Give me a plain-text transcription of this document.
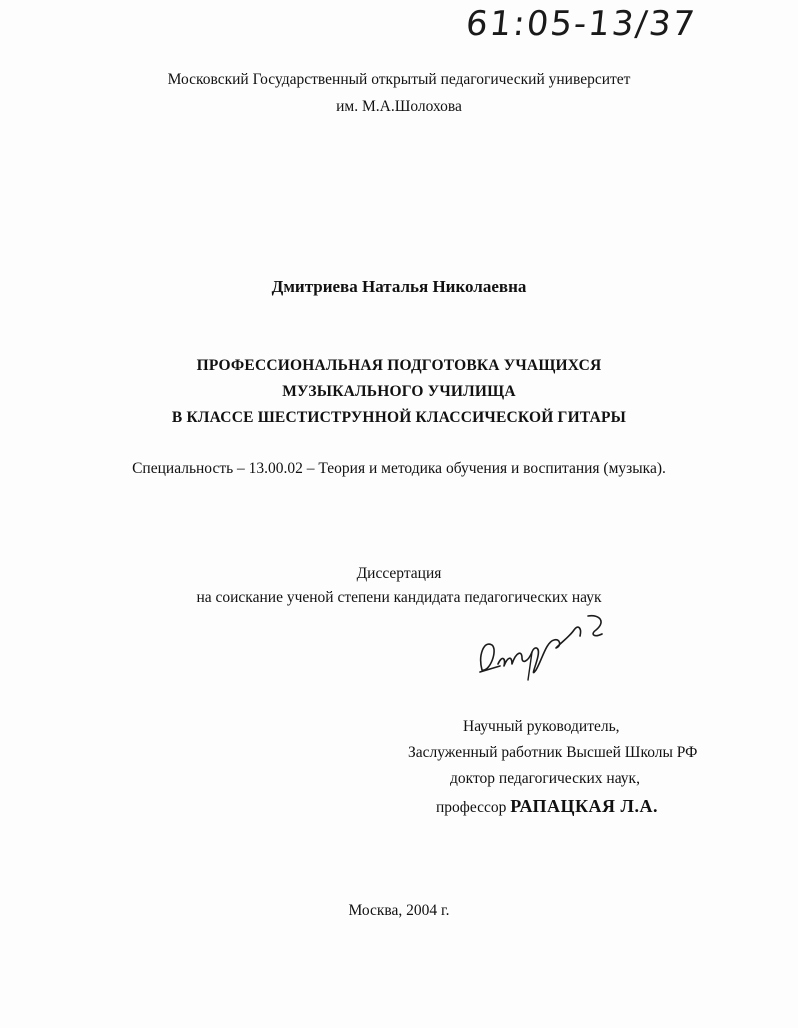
61:05-13/37
Московский Государственный открытый педагогический университет
им. М.А.Шолохова
Дмитриева Наталья Николаевна
ПРОФЕССИОНАЛЬНАЯ ПОДГОТОВКА УЧАЩИХСЯ
МУЗЫКАЛЬНОГО УЧИЛИЩА
В КЛАССЕ ШЕСТИСТРУННОЙ КЛАССИЧЕСКОЙ ГИТАРЫ
Специальность – 13.00.02 – Теория и методика обучения и воспитания (музыка).
Диссертация
на соискание ученой степени кандидата педагогических наук
Научный руководитель,
Заслуженный работник Высшей Школы РФ
доктор педагогических наук,
профессор РАПАЦКАЯ Л.А.
Москва, 2004 г.
